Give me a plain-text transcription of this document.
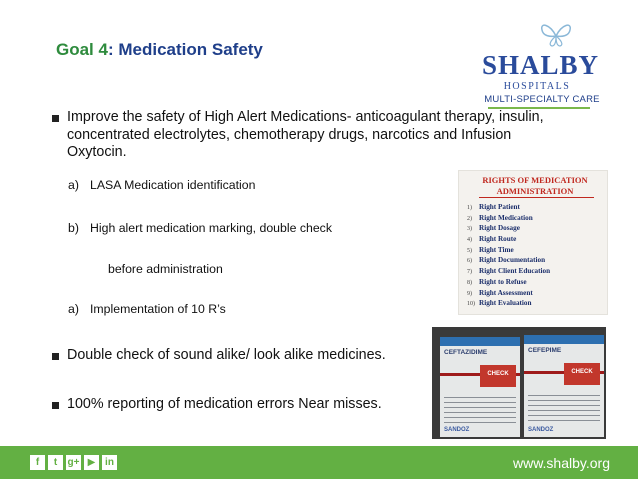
Goal 4: Medication Safety
SHALBY
HOSPITALS
MULTI-SPECIALTY CARE
Improve the safety of High Alert Medications- anticoagulant therapy, insulin, concentrated electrolytes, chemotherapy drugs, narcotics and Infusion Oxytocin.
a) LASA Medication identification
b) High alert medication marking, double check
before administration
a) Implementation of 10 R’s
Double check of sound alike/ look alike medicines.
100% reporting of medication errors Near misses.
RIGHTS OF MEDICATION
ADMINISTRATION
1) Right Patient
2) Right Medication
3) Right Dosage
4) Right Route
5) Right Time
6) Right Documentation
7) Right Client Education
8) Right to Refuse
9) Right Assessment
10) Right Evaluation
CEFTAZIDIME
CHECK
SANDOZ
CEFEPIME
CHECK
SANDOZ
f t g+ ▶ in	www.shalby.org
